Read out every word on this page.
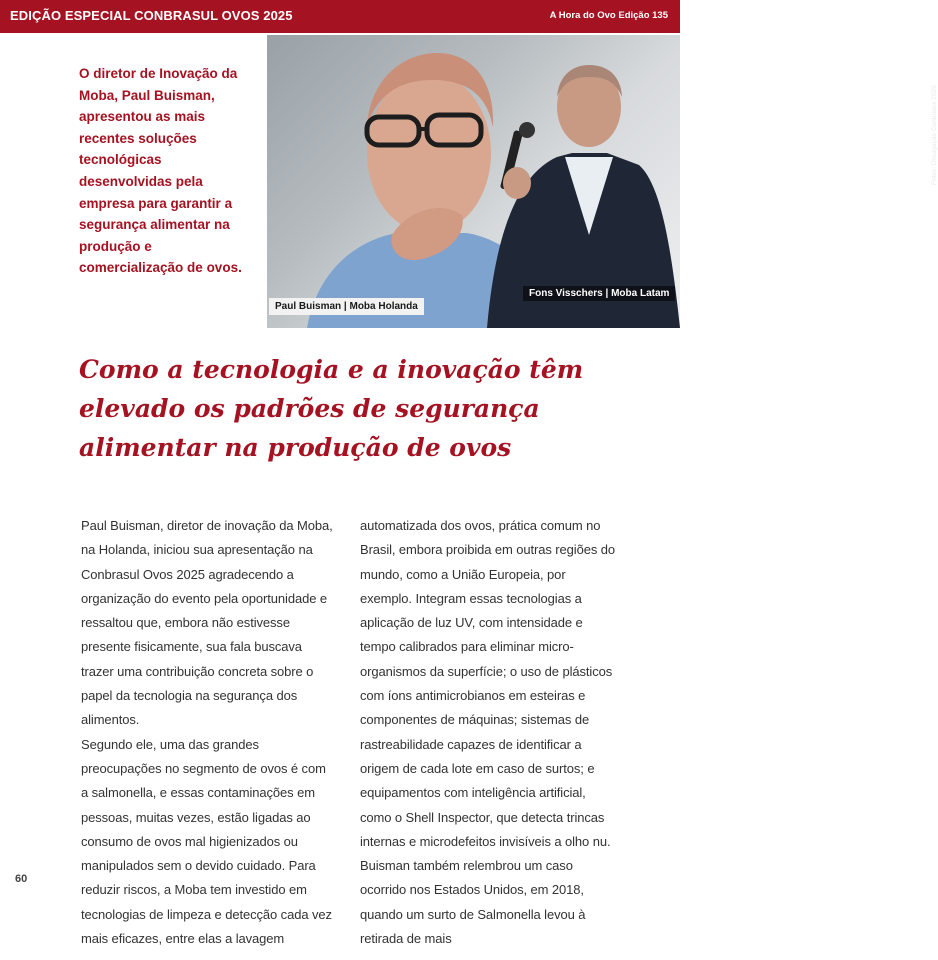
EDIÇÃO ESPECIAL CONBRASUL OVOS 2025	A Hora do Ovo Edição 135
O diretor de Inovação da Moba, Paul Buisman, apresentou as mais recentes soluções tecnológicas desenvolvidas pela empresa para garantir a segurança alimentar na produção e comercialização de ovos.
Fotos: Divulgação Conbrasul 2025
Paul Buisman | Moba Holanda
Fons Visschers | Moba Latam
Como a tecnologia e a inovação têm elevado os padrões de segurança alimentar na produção de ovos

Paul Buisman, diretor de inovação da Moba, na Holanda, iniciou sua apresentação na Conbrasul Ovos 2025 agradecendo a organização do evento pela oportunidade e ressaltou que, embora não estivesse presente fisicamente, sua fala buscava trazer uma contribuição concreta sobre o papel da tecnologia na segurança dos alimentos.

Segundo ele, uma das grandes preocupações no segmento de ovos é com a salmonella, e essas contaminações em pessoas, muitas vezes, estão ligadas ao consumo de ovos mal higienizados ou manipulados sem o devido cuidado. Para reduzir riscos, a Moba tem investido em tecnologias de limpeza e detecção cada vez mais eficazes, entre elas a lavagem

automatizada dos ovos, prática comum no Brasil, embora proibida em outras regiões do mundo, como a União Europeia, por exemplo. Integram essas tecnologias a aplicação de luz UV, com intensidade e tempo calibrados para eliminar micro-organismos da superfície; o uso de plásticos com íons antimicrobianos em esteiras e componentes de máquinas; sistemas de rastreabilidade capazes de identificar a origem de cada lote em caso de surtos; e equipamentos com inteligência artificial, como o Shell Inspector, que detecta trincas internas e microdefeitos invisíveis a olho nu.

Buisman também relembrou um caso ocorrido nos Estados Unidos, em 2018, quando um surto de Salmonella levou à retirada de mais

60
